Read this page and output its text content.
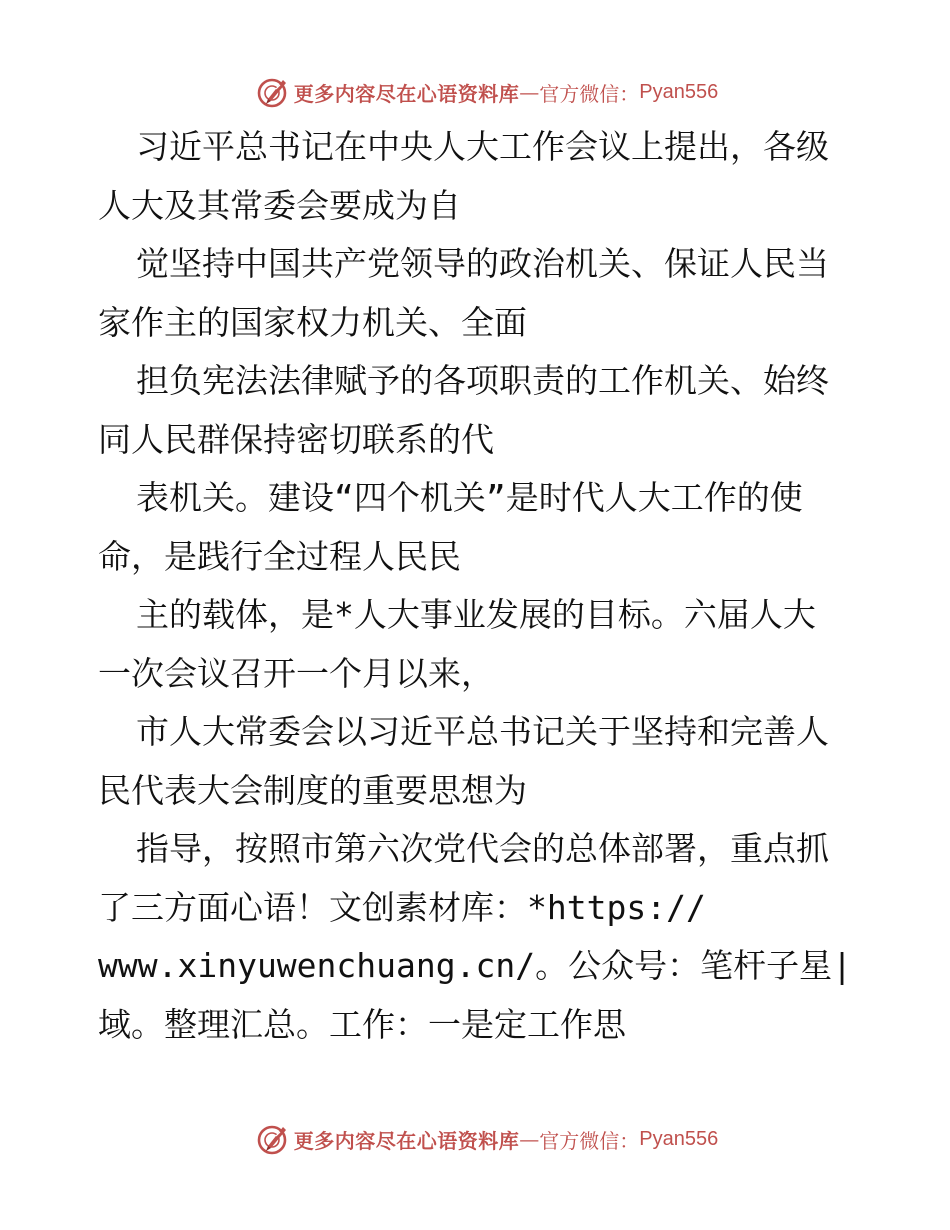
更多内容尽在心语资料库 — 官方微信： Pyan556
习近平总书记在中央人大工作会议上提出，各级
人大及其常委会要成为自
觉坚持中国共产党领导的政治机关、保证人民当
家作主的国家权力机关、全面
担负宪法法律赋予的各项职责的工作机关、始终
同人民群保持密切联系的代
表机关。建设“四个机关”是时代人大工作的使
命，是践行全过程人民民
主的载体，是*人大事业发展的目标。六届人大
一次会议召开一个月以来，
市人大常委会以习近平总书记关于坚持和完善人
民代表大会制度的重要思想为
指导，按照市第六次党代会的总体部署，重点抓
了三方面心语！文创素材库：*https://
www.xinyuwenchuang.cn/。公众号：笔杆子星|
域。整理汇总。工作：一是定工作思
更多内容尽在心语资料库 — 官方微信： Pyan556
